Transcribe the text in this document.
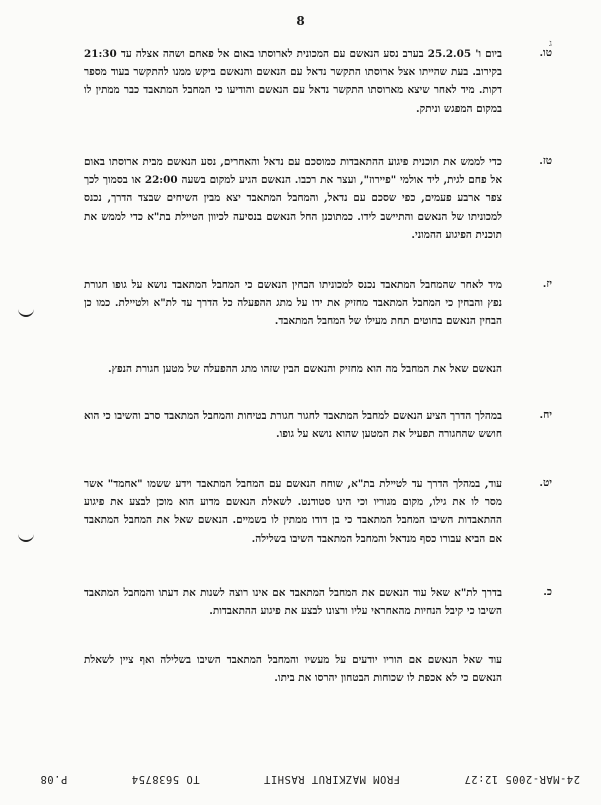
8
ג
טו.
ביום ו' 25.2.05 בערב נסע הנאשם עם המכונית לארוסתו באום אל פאחם ושהה אצלה עד 21:30 בקירוב. בעת שהייתו אצל ארוסתו התקשר נדאל עם הנאשם והנאשם ביקש ממנו להתקשר בעוד מספר דקות. מיד לאחר שיצא מארוסתו התקשר נדאל עם הנאשם והודיעו כי המחבל המתאבד כבר ממתין לו במקום המפגש וניתק.
טז.
כדי לממש את תוכנית פיגוע ההתאבדות כמוסכם עם נדאל והאחרים, נסע הנאשם מבית ארוסתו באום אל פחם לגית, ליד אולמי "פיירוז", ועצר את רכבו. הנאשם הגיע למקום בשעה 22:00 או בסמוך לכך צפר ארבע פעמים, כפי שסכם עם נדאל, והמחבל המתאבד יצא מבין השיחים שבצד הדרך, נכנס למכוניתו של הנאשם והתיישב לידו. כמתוכנן החל הנאשם בנסיעה לכיוון הטיילת בת"א כדי לממש את תוכנית הפיגוע ההמוני.
יז.
מיד לאחר שהמחבל המתאבד נכנס למכוניתו הבחין הנאשם כי המחבל המתאבד נושא על גופו חגורת נפץ והבחין כי המחבל המתאבד מחזיק את ידו על מתג ההפעלה כל הדרך עד לת"א ולטיילת. כמו כן הבחין הנאשם בחוטים תחת מעילו של המחבל המתאבד.
הנאשם שאל את המחבל מה הוא מחזיק והנאשם הבין שזהו מתג ההפעלה של מטען חגורת הנפץ.
יח.
במהלך הדרך הציע הנאשם למחבל המתאבד לחגור חגורת בטיחות והמחבל המתאבד סרב והשיבו כי הוא חושש שהחגורה תפעיל את המטען שהוא נושא על גופו.
יט.
עוד, במהלך הדרך עד לטיילת בת"א, שוחח הנאשם עם המחבל המתאבד וידע ששמו "אחמד" אשר מסר לו את גילו, מקום מגוריו וכי הינו סטודנט. לשאלת הנאשם מדוע הוא מוכן לבצע את פיגוע ההתאבדות השיבו המחבל המתאבד כי בן דודו ממתין לו בשמיים. הנאשם שאל את המחבל המתאבד אם הביא עבורו כסף מנדאל והמחבל המתאבד השיבו בשלילה.
כ.
בדרך לת"א שאל עוד הנאשם את המחבל המתאבד אם אינו רוצה לשנות את דעתו והמחבל המתאבד השיבו כי קיבל הנחיות מהאחראי עליו ורצונו לבצע את פיגוע ההתאבדות.
עוד שאל הנאשם אם הוריו יודעים על מעשיו והמחבל המתאבד השיבו בשלילה ואף ציין לשאלת הנאשם כי לא אכפת לו שכוחות הבטחון יהרסו את ביתו.
24-MAR-2005 12:27
FROM MAZKIRUT RASHIT
TO 5638754
P.08
